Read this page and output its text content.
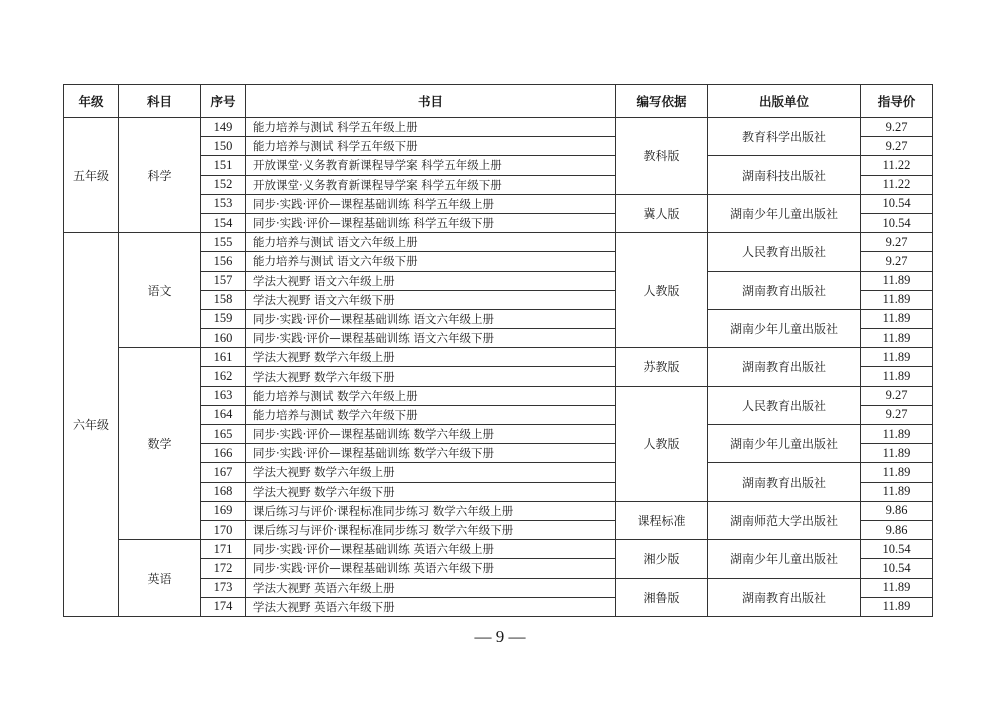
年级	科目	序号	书目	编写依据	出版单位	指导价
五年级	科学	149	能力培养与测试 科学五年级上册	教科版	教育科学出版社	9.27
		150	能力培养与测试 科学五年级下册			9.27
		151	开放课堂·义务教育新课程导学案 科学五年级上册		湖南科技出版社	11.22
		152	开放课堂·义务教育新课程导学案 科学五年级下册			11.22
		153	同步·实践·评价—课程基础训练 科学五年级上册	冀人版	湖南少年儿童出版社	10.54
		154	同步·实践·评价—课程基础训练 科学五年级下册			10.54
六年级	语文	155	能力培养与测试 语文六年级上册	人教版	人民教育出版社	9.27
		156	能力培养与测试 语文六年级下册			9.27
		157	学法大视野 语文六年级上册		湖南教育出版社	11.89
		158	学法大视野 语文六年级下册			11.89
		159	同步·实践·评价—课程基础训练 语文六年级上册		湖南少年儿童出版社	11.89
		160	同步·实践·评价—课程基础训练 语文六年级下册			11.89
	数学	161	学法大视野 数学六年级上册	苏教版	湖南教育出版社	11.89
		162	学法大视野 数学六年级下册			11.89
		163	能力培养与测试 数学六年级上册	人教版	人民教育出版社	9.27
		164	能力培养与测试 数学六年级下册			9.27
		165	同步·实践·评价—课程基础训练 数学六年级上册		湖南少年儿童出版社	11.89
		166	同步·实践·评价—课程基础训练 数学六年级下册			11.89
		167	学法大视野 数学六年级上册		湖南教育出版社	11.89
		168	学法大视野 数学六年级下册			11.89
		169	课后练习与评价·课程标准同步练习 数学六年级上册	课程标准	湖南师范大学出版社	9.86
		170	课后练习与评价·课程标准同步练习 数学六年级下册			9.86
	英语	171	同步·实践·评价—课程基础训练 英语六年级上册	湘少版	湖南少年儿童出版社	10.54
		172	同步·实践·评价—课程基础训练 英语六年级下册			10.54
		173	学法大视野 英语六年级上册	湘鲁版	湖南教育出版社	11.89
		174	学法大视野 英语六年级下册			11.89
— 9 —
